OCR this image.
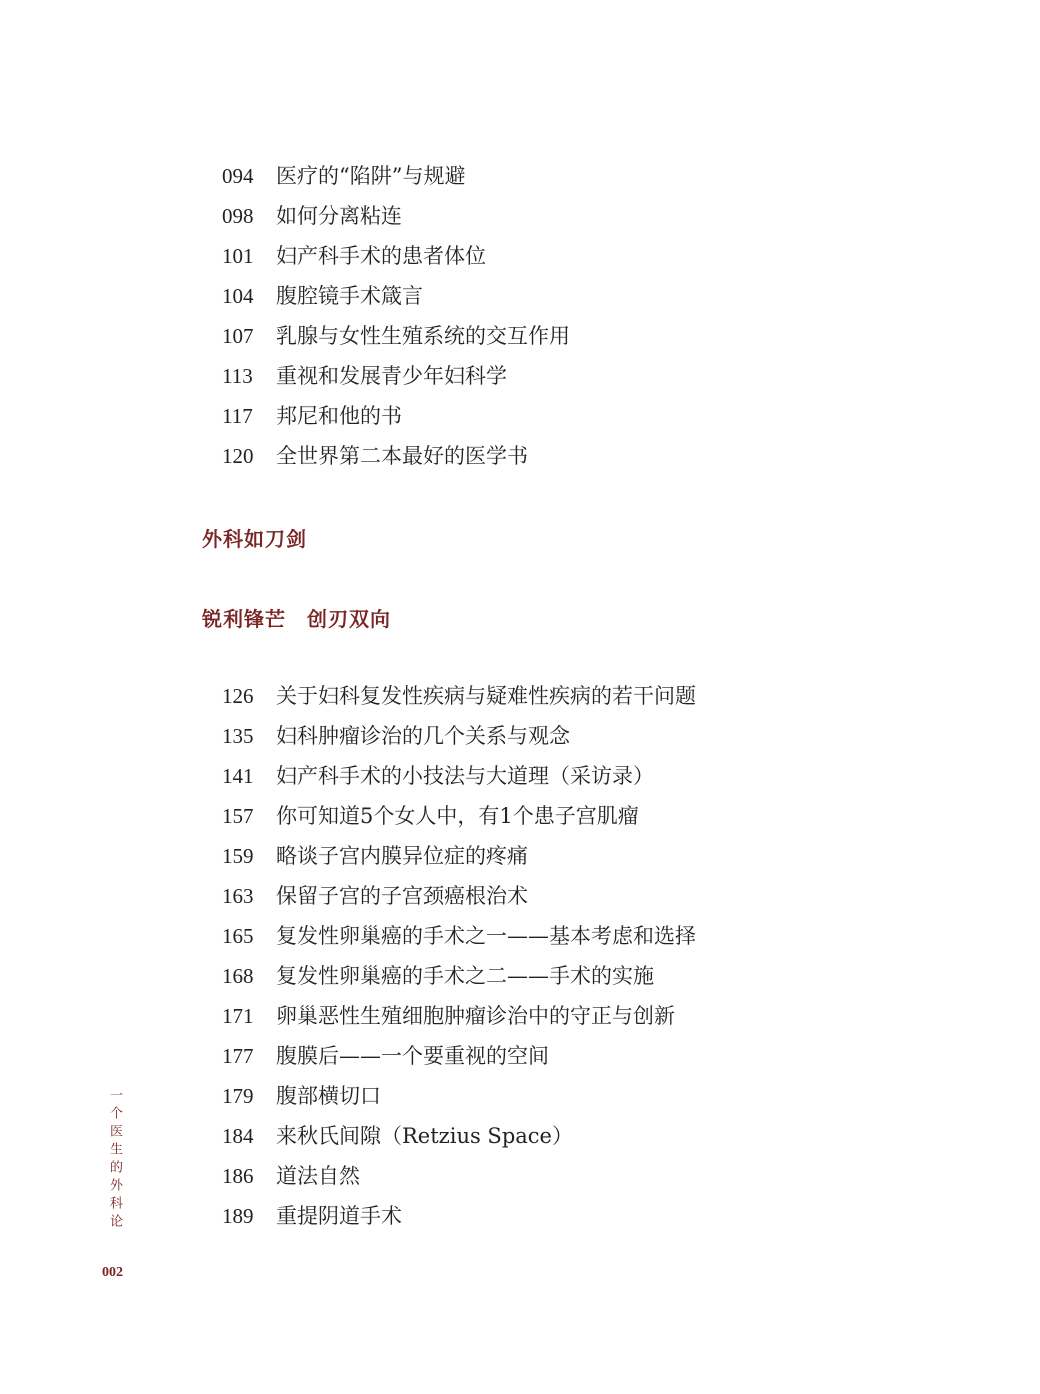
094	医疗的“陷阱”与规避
098	如何分离粘连
101	妇产科手术的患者体位
104	腹腔镜手术箴言
107	乳腺与女性生殖系统的交互作用
113	重视和发展青少年妇科学
117	邦尼和他的书
120	全世界第二本最好的医学书
外科如刀剑
锐利锋芒　创刃双向
126	关于妇科复发性疾病与疑难性疾病的若干问题
135	妇科肿瘤诊治的几个关系与观念
141	妇产科手术的小技法与大道理（采访录）
157	你可知道5个女人中，有1个患子宫肌瘤
159	略谈子宫内膜异位症的疼痛
163	保留子宫的子宫颈癌根治术
165	复发性卵巢癌的手术之一——基本考虑和选择
168	复发性卵巢癌的手术之二——手术的实施
171	卵巢恶性生殖细胞肿瘤诊治中的守正与创新
177	腹膜后——一个要重视的空间
179	腹部横切口
184	来秋氏间隙（Retzius Space）
186	道法自然
189	重提阴道手术
一个医生的外科论
002
